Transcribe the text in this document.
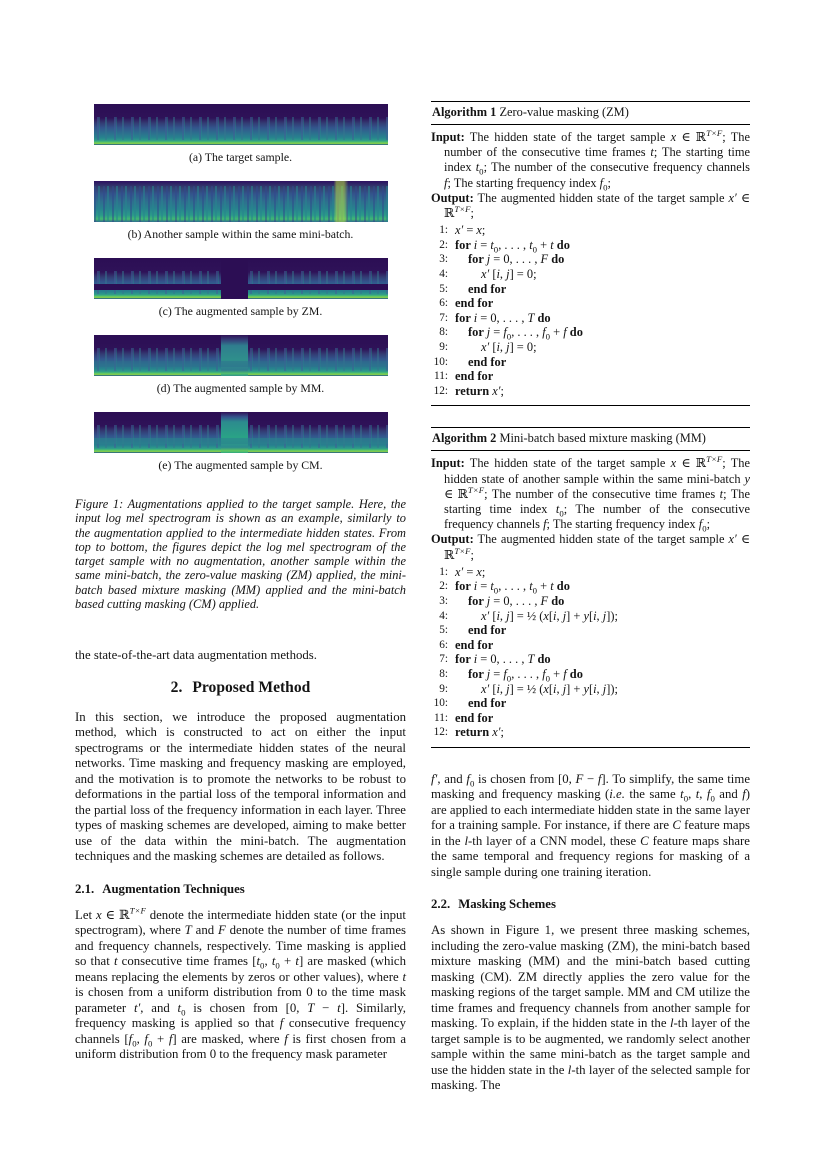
(a) The target sample.
(b) Another sample within the same mini-batch.
(c) The augmented sample by ZM.
(d) The augmented sample by MM.
(e) The augmented sample by CM.

Figure 1: Augmentations applied to the target sample. Here, the input log mel spectrogram is shown as an example, similarly to the augmentation applied to the intermediate hidden states. From top to bottom, the figures depict the log mel spectrogram of the target sample with no augmentation, another sample within the same mini-batch, the zero-value masking (ZM) applied, the mini-batch based mixture masking (MM) applied and the mini-batch based cutting masking (CM) applied.

the state-of-the-art data augmentation methods.

2. Proposed Method

In this section, we introduce the proposed augmentation method, which is constructed to act on either the input spectrograms or the intermediate hidden states of the neural networks. Time masking and frequency masking are employed, and the motivation is to promote the networks to be robust to deformations in the partial loss of the temporal information and the partial loss of the frequency information in each layer. Three types of masking schemes are developed, aiming to make better use of the data within the mini-batch. The augmentation techniques and the masking schemes are detailed as follows.

2.1. Augmentation Techniques

Let x ∈ ℝ$^{T\times F}$ denote the intermediate hidden state (or the input spectrogram), where T and F denote the number of time frames and frequency channels, respectively. Time masking is applied so that t consecutive time frames [$t_0$, $t_0 + t$] are masked (which means replacing the elements by zeros or other values), where t is chosen from a uniform distribution from 0 to the time mask parameter t′, and $t_0$ is chosen from [0, T − t]. Similarly, frequency masking is applied so that f consecutive frequency channels [$f_0$, $f_0 + f$] are masked, where f is first chosen from a uniform distribution from 0 to the frequency mask parameter

Algorithm 1 Zero-value masking (ZM)

Input: The hidden state of the target sample x ∈ ℝ$^{T\times F}$; The number of the consecutive time frames t; The starting time index $t_0$; The number of the consecutive frequency channels f; The starting frequency index $f_0$;

Output: The augmented hidden state of the target sample x′ ∈ ℝ$^{T\times F}$;

1: x′ = x;
2: for $i = t_0$, . . . , $t_0 + t$ do
3:	for j = 0, . . . , F do
4:	x′ [i, j] = 0;
5:	end for
6: end for
7: for i = 0, . . . , T do
8:	for $j = f_0$, . . . , $f_0 + f$ do
9:	x′ [i, j] = 0;
10:	end for
11: end for
12: return x′;
Algorithm 2 Mini-batch based mixture masking (MM)

Input: The hidden state of the target sample x ∈ ℝ$^{T\times F}$; The hidden state of another sample within the same mini-batch y ∈ ℝ$^{T\times F}$; The number of the consecutive time frames t; The starting time index $t_0$; The number of the consecutive frequency channels f; The starting frequency index $f_0$;

Output: The augmented hidden state of the target sample x′ ∈ ℝ$^{T\times F}$;

1: x′ = x;
2: for $i = t_0$, . . . , $t_0 + t$ do
3:	for j = 0, . . . , F do
4:	x′ [i, j] = ½ (x[i, j] + y[i, j]);
5:	end for
6: end for
7: for i = 0, . . . , T do
8:	for $j = f_0$, . . . , $f_0 + f$ do
9:	x′ [i, j] = ½ (x[i, j] + y[i, j]);
10:	end for
11: end for
12: return x′;

f′, and $f_0$ is chosen from [0, F − f]. To simplify, the same time masking and frequency masking (i.e. the same $t_0$, t, $f_0$ and f) are applied to each intermediate hidden state in the same layer for a training sample. For instance, if there are C feature maps in the l-th layer of a CNN model, these C feature maps share the same temporal and frequency regions for masking of a single sample during one training iteration.

2.2. Masking Schemes

As shown in Figure 1, we present three masking schemes, including the zero-value masking (ZM), the mini-batch based mixture masking (MM) and the mini-batch based cutting masking (CM). ZM directly applies the zero value for the masking regions of the target sample. MM and CM utilize the time frames and frequency channels from another sample for masking. To explain, if the hidden state in the l-th layer of the target sample is to be augmented, we randomly select another sample within the same mini-batch as the target sample and use the hidden state in the l-th layer of the selected sample for masking. The
